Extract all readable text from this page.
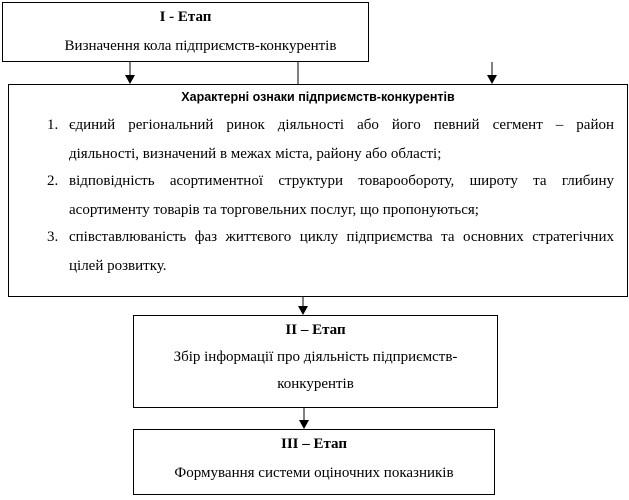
І - Етап
Визначення кола підприємств-конкурентів
Характерні ознаки підприємств-конкурентів
1. єдиний регіональний ринок діяльності або його певний сегмент – район
діяльності, визначений в межах міста, району або області;
2. відповідність асортиментної структури товарообороту, широту та глибину
асортименту товарів та торговельних послуг, що пропонуються;
3. співставлюваність фаз життєвого циклу підприємства та основних стратегічних
цілей розвитку.
ІІ – Етап
Збір інформації про діяльність підприємств-
конкурентів
ІІІ – Етап
Формування системи оціночних показників
